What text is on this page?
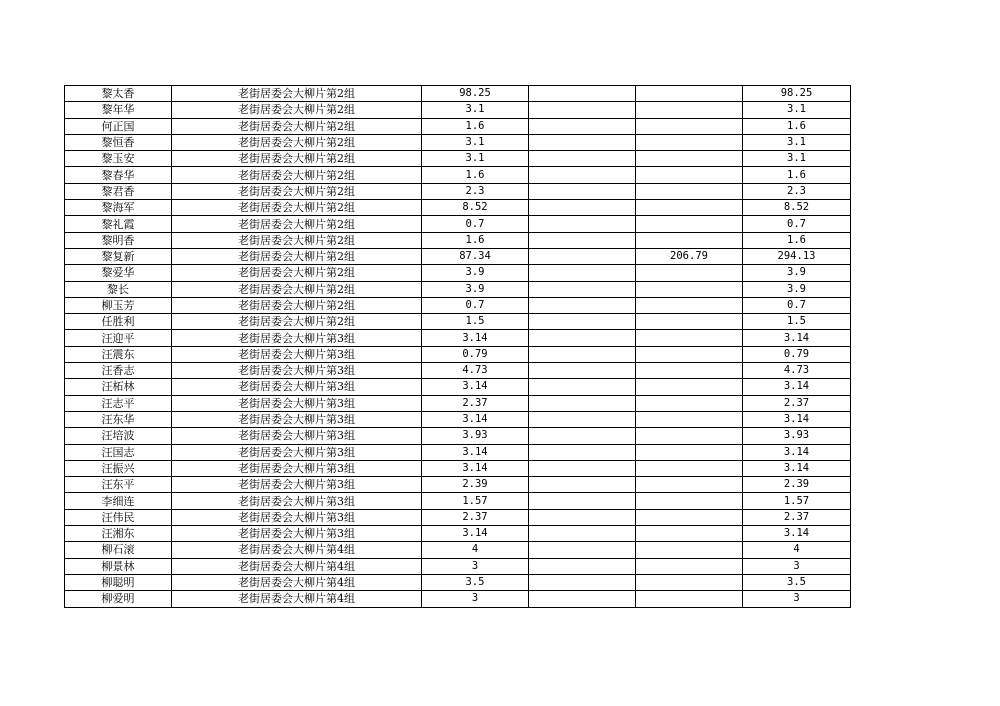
黎太香	老街居委会大柳片第2组	98.25			98.25
黎年华	老街居委会大柳片第2组	3.1			3.1
何正国	老街居委会大柳片第2组	1.6			1.6
黎恒香	老街居委会大柳片第2组	3.1			3.1
黎玉安	老街居委会大柳片第2组	3.1			3.1
黎春华	老街居委会大柳片第2组	1.6			1.6
黎君香	老街居委会大柳片第2组	2.3			2.3
黎海军	老街居委会大柳片第2组	8.52			8.52
黎礼霞	老街居委会大柳片第2组	0.7			0.7
黎明香	老街居委会大柳片第2组	1.6			1.6
黎复新	老街居委会大柳片第2组	87.34		206.79	294.13
黎爱华	老街居委会大柳片第2组	3.9			3.9
黎长	老街居委会大柳片第2组	3.9			3.9
柳玉芳	老街居委会大柳片第2组	0.7			0.7
任胜利	老街居委会大柳片第2组	1.5			1.5
汪迎平	老街居委会大柳片第3组	3.14			3.14
汪震东	老街居委会大柳片第3组	0.79			0.79
汪香志	老街居委会大柳片第3组	4.73			4.73
汪柘林	老街居委会大柳片第3组	3.14			3.14
汪志平	老街居委会大柳片第3组	2.37			2.37
汪东华	老街居委会大柳片第3组	3.14			3.14
汪培波	老街居委会大柳片第3组	3.93			3.93
汪国志	老街居委会大柳片第3组	3.14			3.14
汪振兴	老街居委会大柳片第3组	3.14			3.14
汪东平	老街居委会大柳片第3组	2.39			2.39
李细连	老街居委会大柳片第3组	1.57			1.57
汪伟民	老街居委会大柳片第3组	2.37			2.37
汪湘东	老街居委会大柳片第3组	3.14			3.14
柳石滚	老街居委会大柳片第4组	4			4
柳景林	老街居委会大柳片第4组	3			3
柳聪明	老街居委会大柳片第4组	3.5			3.5
柳爱明	老街居委会大柳片第4组	3			3
